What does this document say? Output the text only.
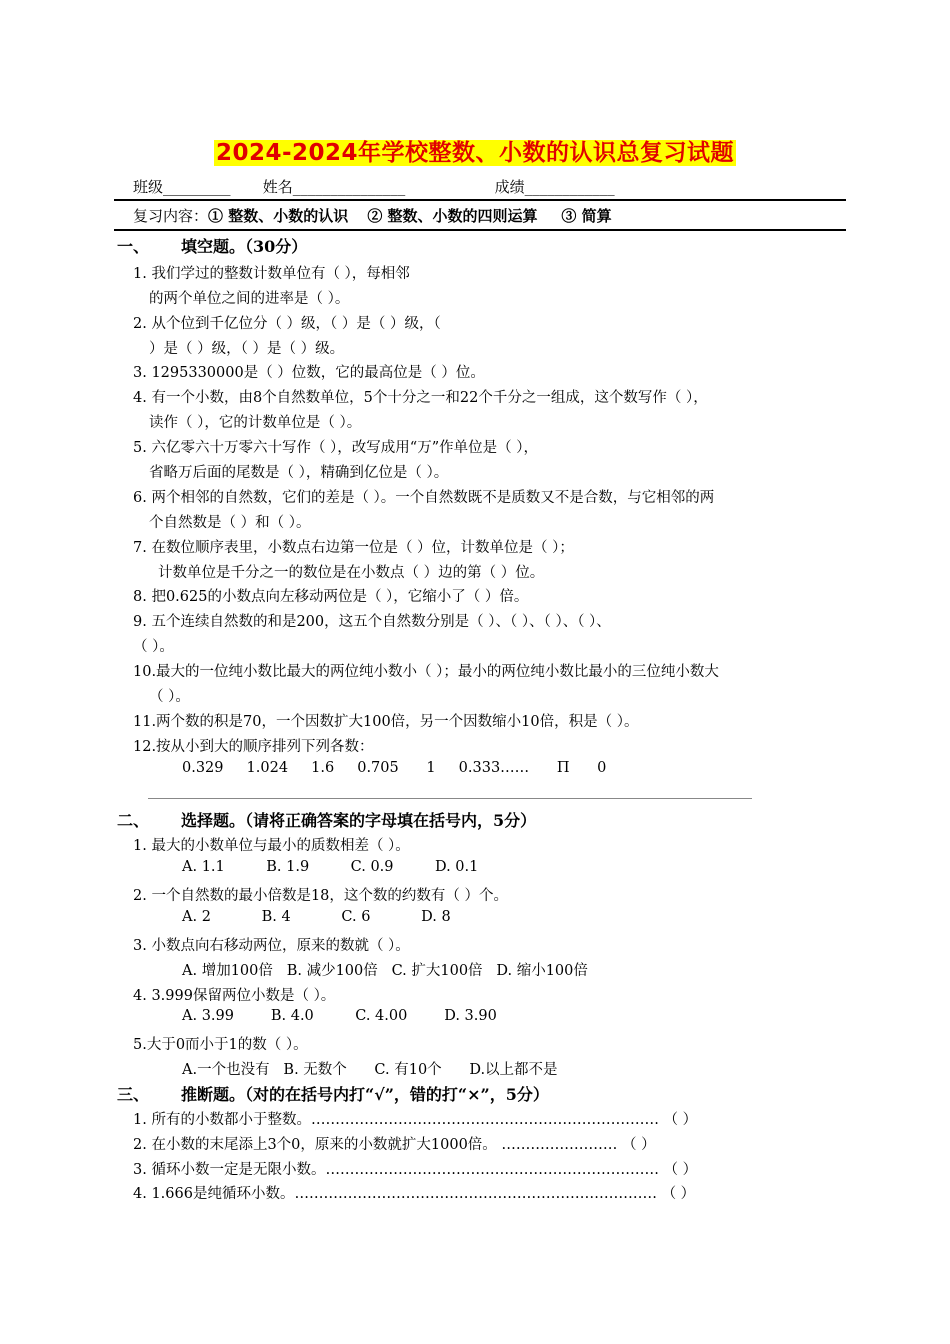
2024-2024年学校整数、小数的认识总复习试题
班级_________ 姓名_______________	成绩____________
复习内容：① 整数、小数的认识 ② 整数、小数的四则运算 ③ 简算
一、 填空题。（30分）
1. 我们学过的整数计数单位有（ ），每相邻
的两个单位之间的进率是（ ）。
2. 从个位到千亿位分（ ）级，（ ）是（ ）级，（
）是（ ）级，（ ）是（ ）级。
3. 1295330000是（ ）位数，它的最高位是（ ）位。
4. 有一个小数，由8个自然数单位，5个十分之一和22个千分之一组成，这个数写作（ ），
读作（ ），它的计数单位是（ ）。
5. 六亿零六十万零六十写作（ ），改写成用“万”作单位是（ ），
省略万后面的尾数是（ ），精确到亿位是（ ）。
6. 两个相邻的自然数，它们的差是（ ）。一个自然数既不是质数又不是合数，与它相邻的两
个自然数是（ ）和（ ）。
7. 在数位顺序表里，小数点右边第一位是（ ）位，计数单位是（ ）；
计数单位是千分之一的数位是在小数点（ ）边的第（ ）位。
8. 把0.625的小数点向左移动两位是（ ），它缩小了（ ）倍。
9. 五个连续自然数的和是200，这五个自然数分别是（ ）、（ ）、（ ）、（ ）、
（ ）。
10.最大的一位纯小数比最大的两位纯小数小（ ）；最小的两位纯小数比最小的三位纯小数大
（ ）。
11.两个数的积是70，一个因数扩大100倍，另一个因数缩小10倍，积是（ ）。
12.按从小到大的顺序排列下列各数：
0.329     1.024     1.6     0.705      1     0.333……      Π      0
二、 选择题。（请将正确答案的字母填在括号内，5分）
1. 最大的小数单位与最小的质数相差（ ）。
A. 1.1         B. 1.9         C. 0.9         D. 0.1
2. 一个自然数的最小倍数是18，这个数的约数有（ ）个。
A. 2           B. 4           C. 6           D. 8
3. 小数点向右移动两位，原来的数就（ ）。
A. 增加100倍   B. 减少100倍   C. 扩大100倍   D. 缩小100倍
4. 3.999保留两位小数是（ ）。
A. 3.99        B. 4.0         C. 4.00        D. 3.90
5.大于0而小于1的数（ ）。
A.一个也没有   B. 无数个      C. 有10个      D.以上都不是
三、 推断题。（对的在括号内打“√”，错的打“×”，5分）
1. 所有的小数都小于整数。……………………………………………………………… （ ）
2. 在小数的末尾添上3个0，原来的小数就扩大1000倍。 …………………… （ ）
3. 循环小数一定是无限小数。…………………………………………………………… （ ）
4. 1.666是纯循环小数。………………………………………………………………… （ ）
